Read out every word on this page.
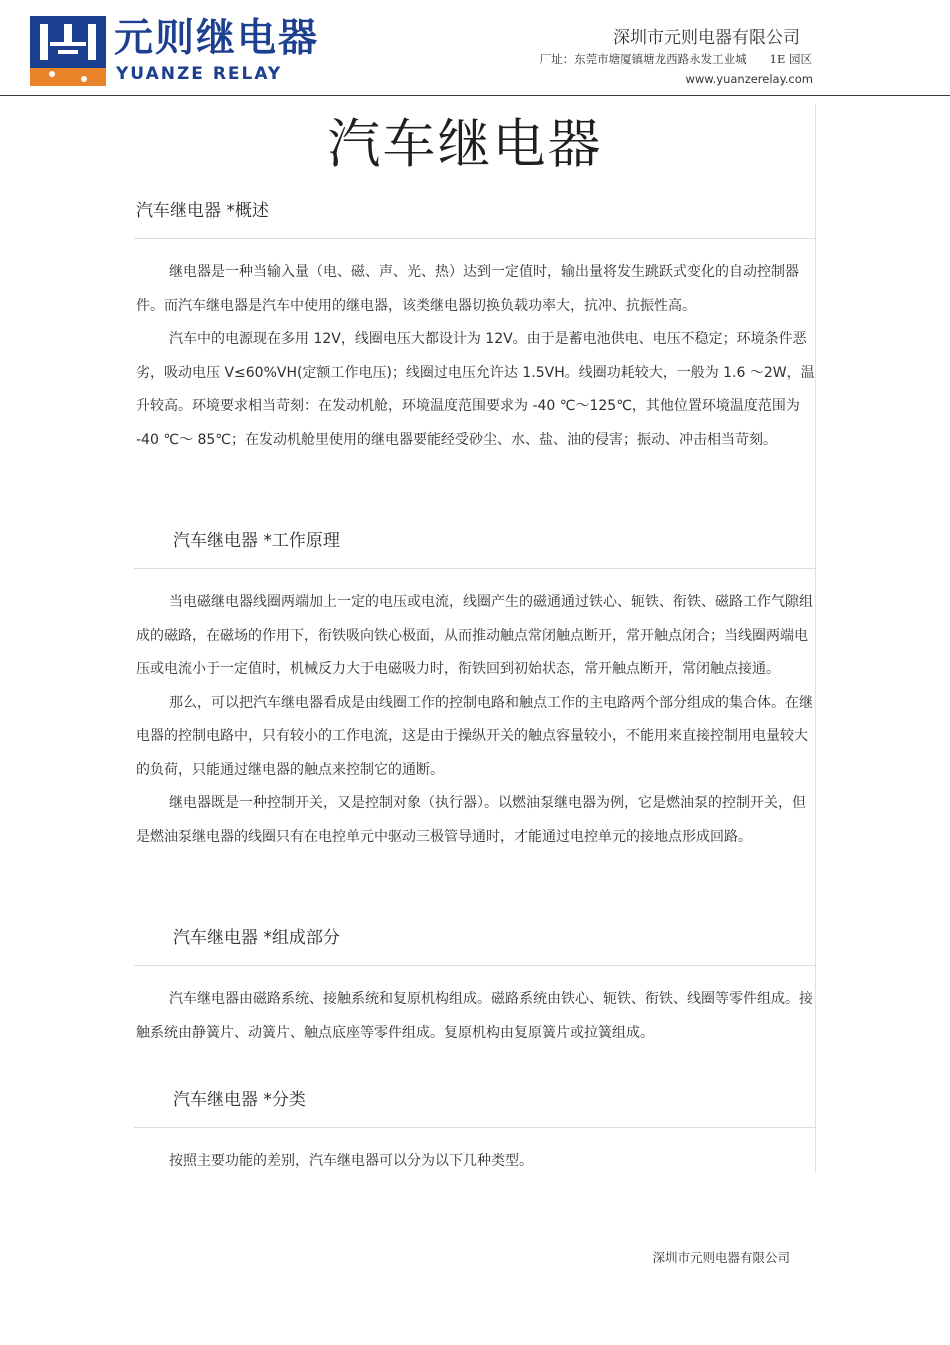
元则继电器
YUANZE RELAY
深圳市元则电器有限公司
厂址：东莞市塘厦镇塘龙西路永发工业城　　1E 园区
www.yuanzerelay.com
汽车继电器
汽车继电器 *概述

继电器是一种当输入量（电、磁、声、光、热）达到一定值时，输出量将发生跳跃式变化的自动控制器件。而汽车继电器是汽车中使用的继电器，该类继电器切换负载功率大，抗冲、抗振性高。

汽车中的电源现在多用 12V，线圈电压大都设计为 12V。由于是蓄电池供电、电压不稳定；环境条件恶劣，吸动电压 V≤60%VH(定额工作电压)；线圈过电压允许达 1.5VH。线圈功耗较大，一般为 1.6 ～2W，温升较高。环境要求相当苛刻：在发动机舱，环境温度范围要求为 -40 ℃～125℃，其他位置环境温度范围为 -40 ℃～ 85℃；在发动机舱里使用的继电器要能经受砂尘、水、盐、油的侵害；振动、冲击相当苛刻。

汽车继电器 *工作原理

当电磁继电器线圈两端加上一定的电压或电流，线圈产生的磁通通过铁心、轭铁、衔铁、磁路工作气隙组成的磁路，在磁场的作用下，衔铁吸向铁心极面，从而推动触点常闭触点断开，常开触点闭合；当线圈两端电压或电流小于一定值时，机械反力大于电磁吸力时，衔铁回到初始状态，常开触点断开，常闭触点接通。

那么，可以把汽车继电器看成是由线圈工作的控制电路和触点工作的主电路两个部分组成的集合体。在继电器的控制电路中，只有较小的工作电流，这是由于操纵开关的触点容量较小，不能用来直接控制用电量较大的负荷，只能通过继电器的触点来控制它的通断。

继电器既是一种控制开关，又是控制对象（执行器）。以燃油泵继电器为例，它是燃油泵的控制开关，但是燃油泵继电器的线圈只有在电控单元中驱动三极管导通时，才能通过电控单元的接地点形成回路。

汽车继电器 *组成部分

汽车继电器由磁路系统、接触系统和复原机构组成。磁路系统由铁心、轭铁、衔铁、线圈等零件组成。接触系统由静簧片、动簧片、触点底座等零件组成。复原机构由复原簧片或拉簧组成。

汽车继电器 *分类

按照主要功能的差别，汽车继电器可以分为以下几种类型。

深圳市元则电器有限公司
